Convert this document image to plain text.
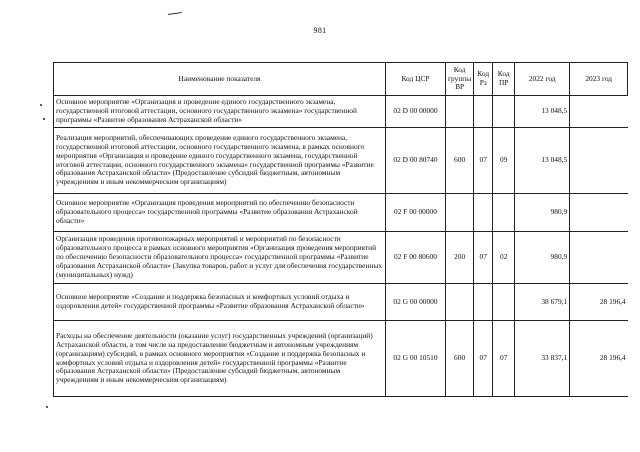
981
Наименование показателя	Код ЦСР	Код группы ВР	Код Рз	Код ПР	2022 год	2023 год
Основное мероприятие «Организация и проведение единого государственного экзамена, государственной итоговой аттестации, основного государственного экзамена» государственной программы «Развитие образования Астраханской области»	02 D 00 00000				13 048,5	
Реализация мероприятий, обеспечивающих проведение единого государственного экзамена, государственной итоговой аттестации, основного государственного экзамена, в рамках основного мероприятия «Организация и проведение единого государственного экзамена, государственной итоговой аттестации, основного государственного экзамена» государственной программы «Развитие образования Астраханской области» (Предоставление субсидий бюджетным, автономным учреждениям и иным некоммерческим организациям)	02 D 00 80740	600	07	09	13 048,5	
Основное мероприятие «Организация проведения мероприятий по обеспечению безопасности образовательного процесса» государственной программы «Развитие образования Астраханской области»	02 F 00 00000				980,9	
Организация проведения противопожарных мероприятий и мероприятий по безопасности образовательного процесса в рамках основного мероприятия «Организация проведения мероприятий по обеспечению безопасности образовательного процесса» государственной программы «Развитие образования Астраханской области» (Закупка товаров, работ и услуг для обеспечения государственных (муниципальных) нужд)	02 F 00 80600	200	07	02	980,9	
Основное мероприятие «Создание и поддержка безопасных и комфортных условий отдыха и оздоровления детей» государственной программы «Развитие образования Астраханской области»	02 G 00 00000				38 679,1	28 196,4
Расходы на обеспечение деятельности (оказание услуг) государственных учреждений (организаций) Астраханской области, в том числе на предоставление бюджетным и автономным учреждениям (организациям) субсидий, в рамках основного мероприятия «Создание и поддержка безопасных и комфортных условий отдыха и оздоровления детей» государственной программы «Развитие образования Астраханской области» (Предоставление субсидий бюджетным, автономным учреждениям и иным некоммерческим организациям)	02 G 00 10510	600	07	07	33 837,1	28 196,4
